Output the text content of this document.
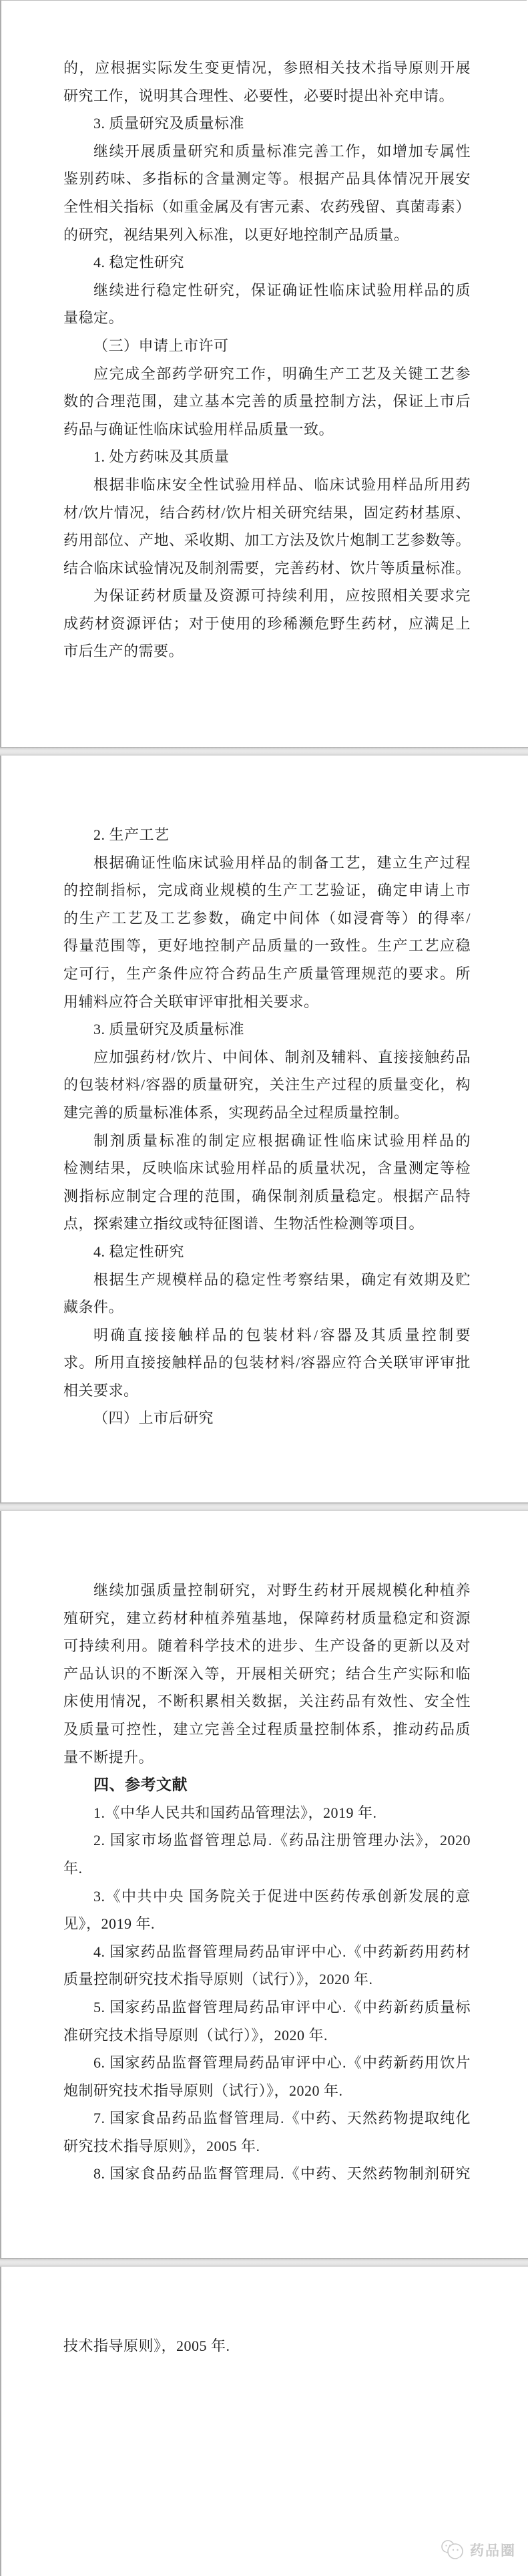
的，应根据实际发生变更情况，参照相关技术指导原则开展
研究工作，说明其合理性、必要性，必要时提出补充申请。
3. 质量研究及质量标准
继续开展质量研究和质量标准完善工作，如增加专属性
鉴别药味、多指标的含量测定等。根据产品具体情况开展安
全性相关指标（如重金属及有害元素、农药残留、真菌毒素）
的研究，视结果列入标准，以更好地控制产品质量。
4. 稳定性研究
继续进行稳定性研究，保证确证性临床试验用样品的质
量稳定。
（三）申请上市许可
应完成全部药学研究工作，明确生产工艺及关键工艺参
数的合理范围，建立基本完善的质量控制方法，保证上市后
药品与确证性临床试验用样品质量一致。
1. 处方药味及其质量
根据非临床安全性试验用样品、临床试验用样品所用药
材/饮片情况，结合药材/饮片相关研究结果，固定药材基原、
药用部位、产地、采收期、加工方法及饮片炮制工艺参数等。
结合临床试验情况及制剂需要，完善药材、饮片等质量标准。
为保证药材质量及资源可持续利用，应按照相关要求完
成药材资源评估；对于使用的珍稀濒危野生药材，应满足上
市后生产的需要。
2. 生产工艺
根据确证性临床试验用样品的制备工艺，建立生产过程
的控制指标，完成商业规模的生产工艺验证，确定申请上市
的生产工艺及工艺参数，确定中间体（如浸膏等）的得率/
得量范围等，更好地控制产品质量的一致性。生产工艺应稳
定可行，生产条件应符合药品生产质量管理规范的要求。所
用辅料应符合关联审评审批相关要求。
3. 质量研究及质量标准
应加强药材/饮片、中间体、制剂及辅料、直接接触药品
的包装材料/容器的质量研究，关注生产过程的质量变化，构
建完善的质量标准体系，实现药品全过程质量控制。
制剂质量标准的制定应根据确证性临床试验用样品的
检测结果，反映临床试验用样品的质量状况，含量测定等检
测指标应制定合理的范围，确保制剂质量稳定。根据产品特
点，探索建立指纹或特征图谱、生物活性检测等项目。
4. 稳定性研究
根据生产规模样品的稳定性考察结果，确定有效期及贮
藏条件。
明确直接接触样品的包装材料/容器及其质量控制要
求。所用直接接触样品的包装材料/容器应符合关联审评审批
相关要求。
（四）上市后研究
继续加强质量控制研究，对野生药材开展规模化种植养
殖研究，建立药材种植养殖基地，保障药材质量稳定和资源
可持续利用。随着科学技术的进步、生产设备的更新以及对
产品认识的不断深入等，开展相关研究；结合生产实际和临
床使用情况，不断积累相关数据，关注药品有效性、安全性
及质量可控性，建立完善全过程质量控制体系，推动药品质
量不断提升。
四、参考文献
1.《中华人民共和国药品管理法》，2019 年.
2. 国家市场监督管理总局.《药品注册管理办法》，2020
年.
3.《中共中央 国务院关于促进中医药传承创新发展的意
见》，2019 年.
4. 国家药品监督管理局药品审评中心.《中药新药用药材
质量控制研究技术指导原则（试行）》，2020 年.
5. 国家药品监督管理局药品审评中心.《中药新药质量标
准研究技术指导原则（试行）》，2020 年.
6. 国家药品监督管理局药品审评中心.《中药新药用饮片
炮制研究技术指导原则（试行）》，2020 年.
7. 国家食品药品监督管理局.《中药、天然药物提取纯化
研究技术指导原则》，2005 年.
8. 国家食品药品监督管理局.《中药、天然药物制剂研究
技术指导原则》，2005 年.
药品圈
